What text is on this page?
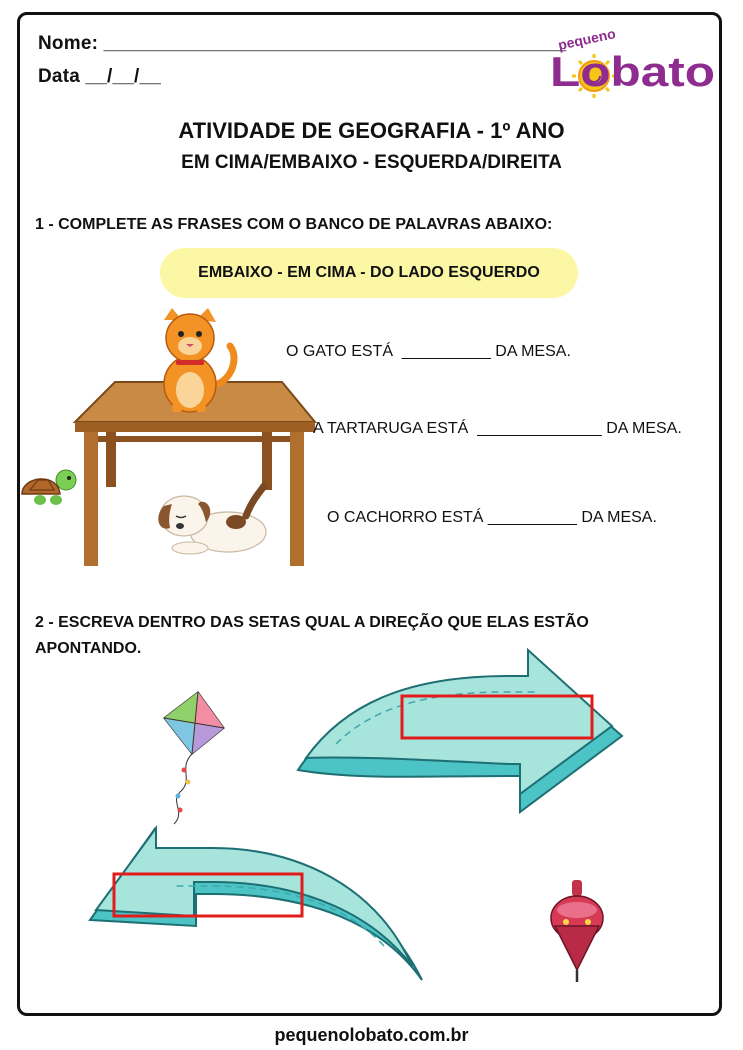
Nome: ___________________________________________
Data __/__/__
pequeno
Lobato
ATIVIDADE DE GEOGRAFIA - 1º ANO
EM CIMA/EMBAIXO - ESQUERDA/DIREITA
1 - COMPLETE AS FRASES COM O BANCO DE PALAVRAS ABAIXO:
EMBAIXO - EM CIMA - DO LADO ESQUERDO
O GATO ESTÁ  __________ DA MESA.
A TARTARUGA ESTÁ  ______________ DA MESA.
O CACHORRO ESTÁ __________ DA MESA.
2 - ESCREVA DENTRO DAS SETAS QUAL A DIREÇÃO QUE ELAS ESTÃO
APONTANDO.
pequenolobato.com.br
